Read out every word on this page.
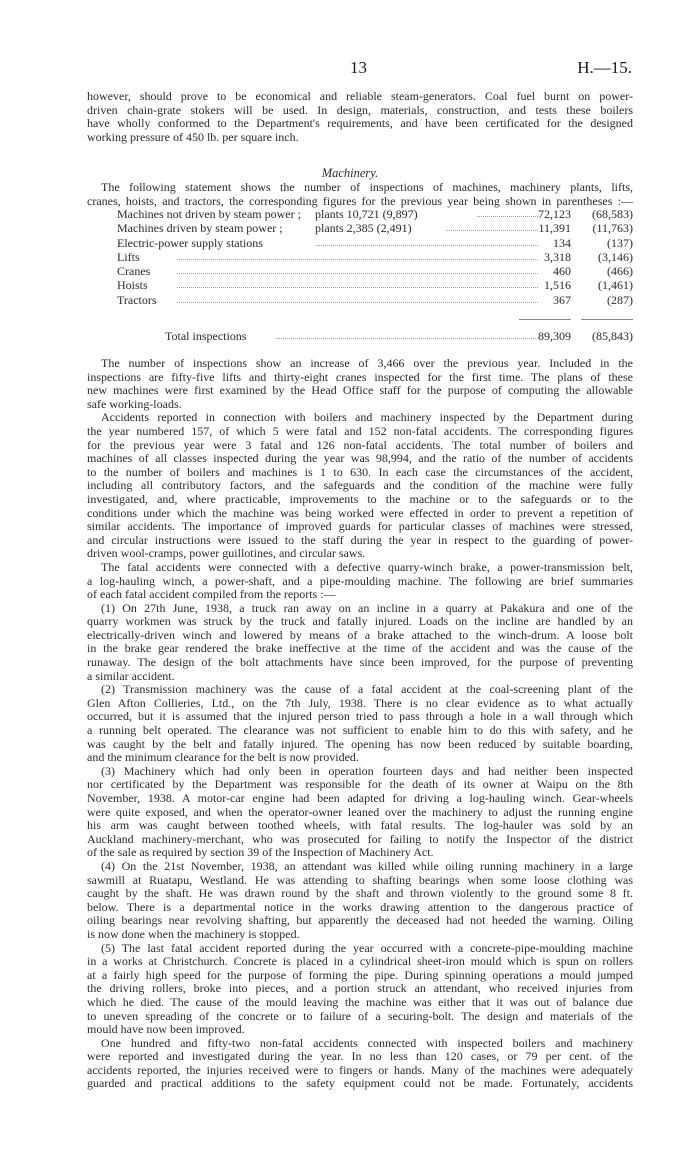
13	H.—15.
however, should prove to be economical and reliable steam-generators. Coal fuel burnt on power-
driven chain-grate stokers will be used. In design, materials, construction, and tests these boilers
have wholly conformed to the Department's requirements, and have been certificated for the designed
working pressure of 450 lb. per square inch.
Machinery.
The following statement shows the number of inspections of machines, machinery plants, lifts,
cranes, hoists, and tractors, the corresponding figures for the previous year being shown in parentheses :—
Machines not driven by steam power ; plants 10,721 (9,897)	72,123	(68,583)
Machines driven by steam power ;	plants 2,385 (2,491)	11,391	(11,763)
Electric-power supply stations	134	(137)
Lifts	3,318	(3,146)
Cranes	460	(466)
Hoists	1,516	(1,461)
Tractors	367	(287)
Total inspections	89,309	(85,843)
The number of inspections show an increase of 3,466 over the previous year. Included in the
inspections are fifty-five lifts and thirty-eight cranes inspected for the first time. The plans of these
new machines were first examined by the Head Office staff for the purpose of computing the allowable
safe working-loads.
Accidents reported in connection with boilers and machinery inspected by the Department during
the year numbered 157, of which 5 were fatal and 152 non-fatal accidents. The corresponding figures
for the previous year were 3 fatal and 126 non-fatal accidents. The total number of boilers and
machines of all classes inspected during the year was 98,994, and the ratio of the number of accidents
to the number of boilers and machines is 1 to 630. In each case the circumstances of the accident,
including all contributory factors, and the safeguards and the condition of the machine were fully
investigated, and, where practicable, improvements to the machine or to the safeguards or to the
conditions under which the machine was being worked were effected in order to prevent a repetition of
similar accidents. The importance of improved guards for particular classes of machines were stressed,
and circular instructions were issued to the staff during the year in respect to the guarding of power-
driven wool-cramps, power guillotines, and circular saws.
The fatal accidents were connected with a defective quarry-winch brake, a power-transmission belt,
a log-hauling winch, a power-shaft, and a pipe-moulding machine. The following are brief summaries
of each fatal accident compiled from the reports :—
(1) On 27th June, 1938, a truck ran away on an incline in a quarry at Pakakura and one of the
quarry workmen was struck by the truck and fatally injured. Loads on the incline are handled by an
electrically-driven winch and lowered by means of a brake attached to the winch-drum. A loose bolt
in the brake gear rendered the brake ineffective at the time of the accident and was the cause of the
runaway. The design of the bolt attachments have since been improved, for the purpose of preventing
a similar accident.
(2) Transmission machinery was the cause of a fatal accident at the coal-screening plant of the
Glen Afton Collieries, Ltd., on the 7th July, 1938. There is no clear evidence as to what actually
occurred, but it is assumed that the injured person tried to pass through a hole in a wall through which
a running belt operated. The clearance was not sufficient to enable him to do this with safety, and he
was caught by the belt and fatally injured. The opening has now been reduced by suitable boarding,
and the minimum clearance for the belt is now provided.
(3) Machinery which had only been in operation fourteen days and had neither been inspected
nor certificated by the Department was responsible for the death of its owner at Waipu on the 8th
November, 1938. A motor-car engine had been adapted for driving a log-hauling winch. Gear-wheels
were quite exposed, and when the operator-owner leaned over the machinery to adjust the running engine
his arm was caught between toothed wheels, with fatal results. The log-hauler was sold by an
Auckland machinery-merchant, who was prosecuted for failing to notify the Inspector of the district
of the sale as required by section 39 of the Inspection of Machinery Act.
(4) On the 21st November, 1938, an attendant was killed while oiling running machinery in a large
sawmill at Ruatapu, Westland. He was attending to shafting bearings when some loose clothing was
caught by the shaft. He was drawn round by the shaft and thrown violently to the ground some 8 ft.
below. There is a departmental notice in the works drawing attention to the dangerous practice of
oiling bearings near revolving shafting, but apparently the deceased had not heeded the warning. Oiling
is now done when the machinery is stopped.
(5) The last fatal accident reported during the year occurred with a concrete-pipe-moulding machine
in a works at Christchurch. Concrete is placed in a cylindrical sheet-iron mould which is spun on rollers
at a fairly high speed for the purpose of forming the pipe. During spinning operations a mould jumped
the driving rollers, broke into pieces, and a portion struck an attendant, who received injuries from
which he died. The cause of the mould leaving the machine was either that it was out of balance due
to uneven spreading of the concrete or to failure of a securing-bolt. The design and materials of the
mould have now been improved.
One hundred and fifty-two non-fatal accidents connected with inspected boilers and machinery
were reported and investigated during the year. In no less than 120 cases, or 79 per cent. of the
accidents reported, the injuries received were to fingers or hands. Many of the machines were adequately
guarded and practical additions to the safety equipment could not be made. Fortunately, accidents
